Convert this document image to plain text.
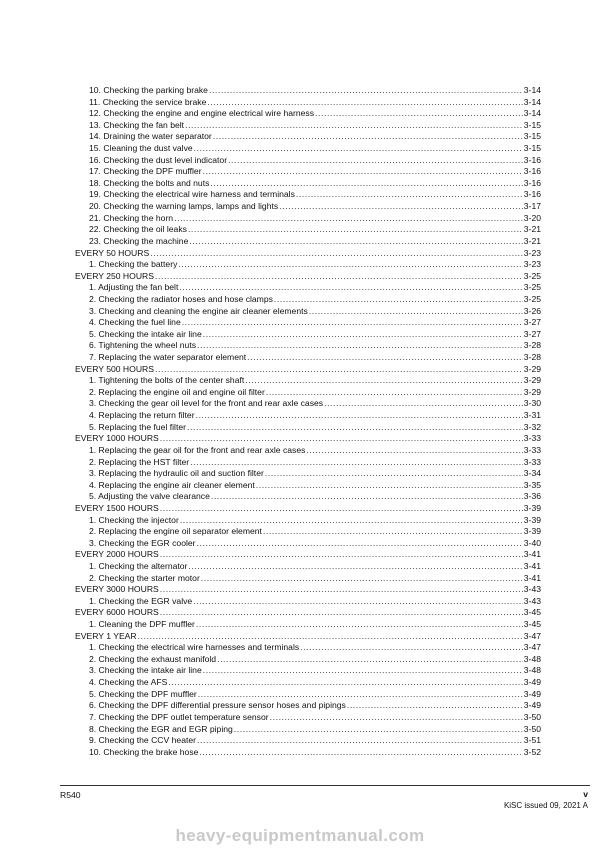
10. Checking the parking brake .....	3-14
11. Checking the service brake .....	3-14
12. Checking the engine and engine electrical wire harness .....	3-14
13. Checking the fan belt .....	3-15
14. Draining the water separator .....	3-15
15. Cleaning the dust valve .....	3-15
16. Checking the dust level indicator .....	3-16
17. Checking the DPF muffler .....	3-16
18. Checking the bolts and nuts .....	3-16
19. Checking the electrical wire harness and terminals .....	3-16
20. Checking the warning lamps, lamps and lights .....	3-17
21. Checking the horn .....	3-20
22. Checking the oil leaks .....	3-21
23. Checking the machine .....	3-21
EVERY 50 HOURS .....	3-23
1. Checking the battery .....	3-23
EVERY 250 HOURS .....	3-25
1. Adjusting the fan belt .....	3-25
2. Checking the radiator hoses and hose clamps .....	3-25
3. Checking and cleaning the engine air cleaner elements .....	3-26
4. Checking the fuel line .....	3-27
5. Checking the intake air line .....	3-27
6. Tightening the wheel nuts .....	3-28
7. Replacing the water separator element .....	3-28
EVERY 500 HOURS .....	3-29
1. Tightening the bolts of the center shaft .....	3-29
2. Replacing the engine oil and engine oil filter .....	3-29
3. Checking the gear oil level for the front and rear axle cases .....	3-30
4. Replacing the return filter .....	3-31
5. Replacing the fuel filter .....	3-32
EVERY 1000 HOURS .....	3-33
1. Replacing the gear oil for the front and rear axle cases .....	3-33
2. Replacing the HST filter .....	3-33
3. Replacing the hydraulic oil and suction filter .....	3-34
4. Replacing the engine air cleaner element .....	3-35
5. Adjusting the valve clearance .....	3-36
EVERY 1500 HOURS .....	3-39
1. Checking the injector .....	3-39
2. Replacing the engine oil separator element .....	3-39
3. Checking the EGR cooler .....	3-40
EVERY 2000 HOURS .....	3-41
1. Checking the alternator .....	3-41
2. Checking the starter motor .....	3-41
EVERY 3000 HOURS .....	3-43
1. Checking the EGR valve .....	3-43
EVERY 6000 HOURS .....	3-45
1. Cleaning the DPF muffler .....	3-45
EVERY 1 YEAR .....	3-47
1. Checking the electrical wire harnesses and terminals .....	3-47
2. Checking the exhaust manifold .....	3-48
3. Checking the intake air line .....	3-48
4. Checking the AFS .....	3-49
5. Checking the DPF muffler .....	3-49
6. Checking the DPF differential pressure sensor hoses and pipings .....	3-49
7. Checking the DPF outlet temperature sensor .....	3-50
8. Checking the EGR and EGR piping .....	3-50
9. Checking the CCV heater .....	3-51
10. Checking the brake hose .....	3-52
R540	v
KiSC issued 09, 2021 A
heavy-equipmentmanual.com
